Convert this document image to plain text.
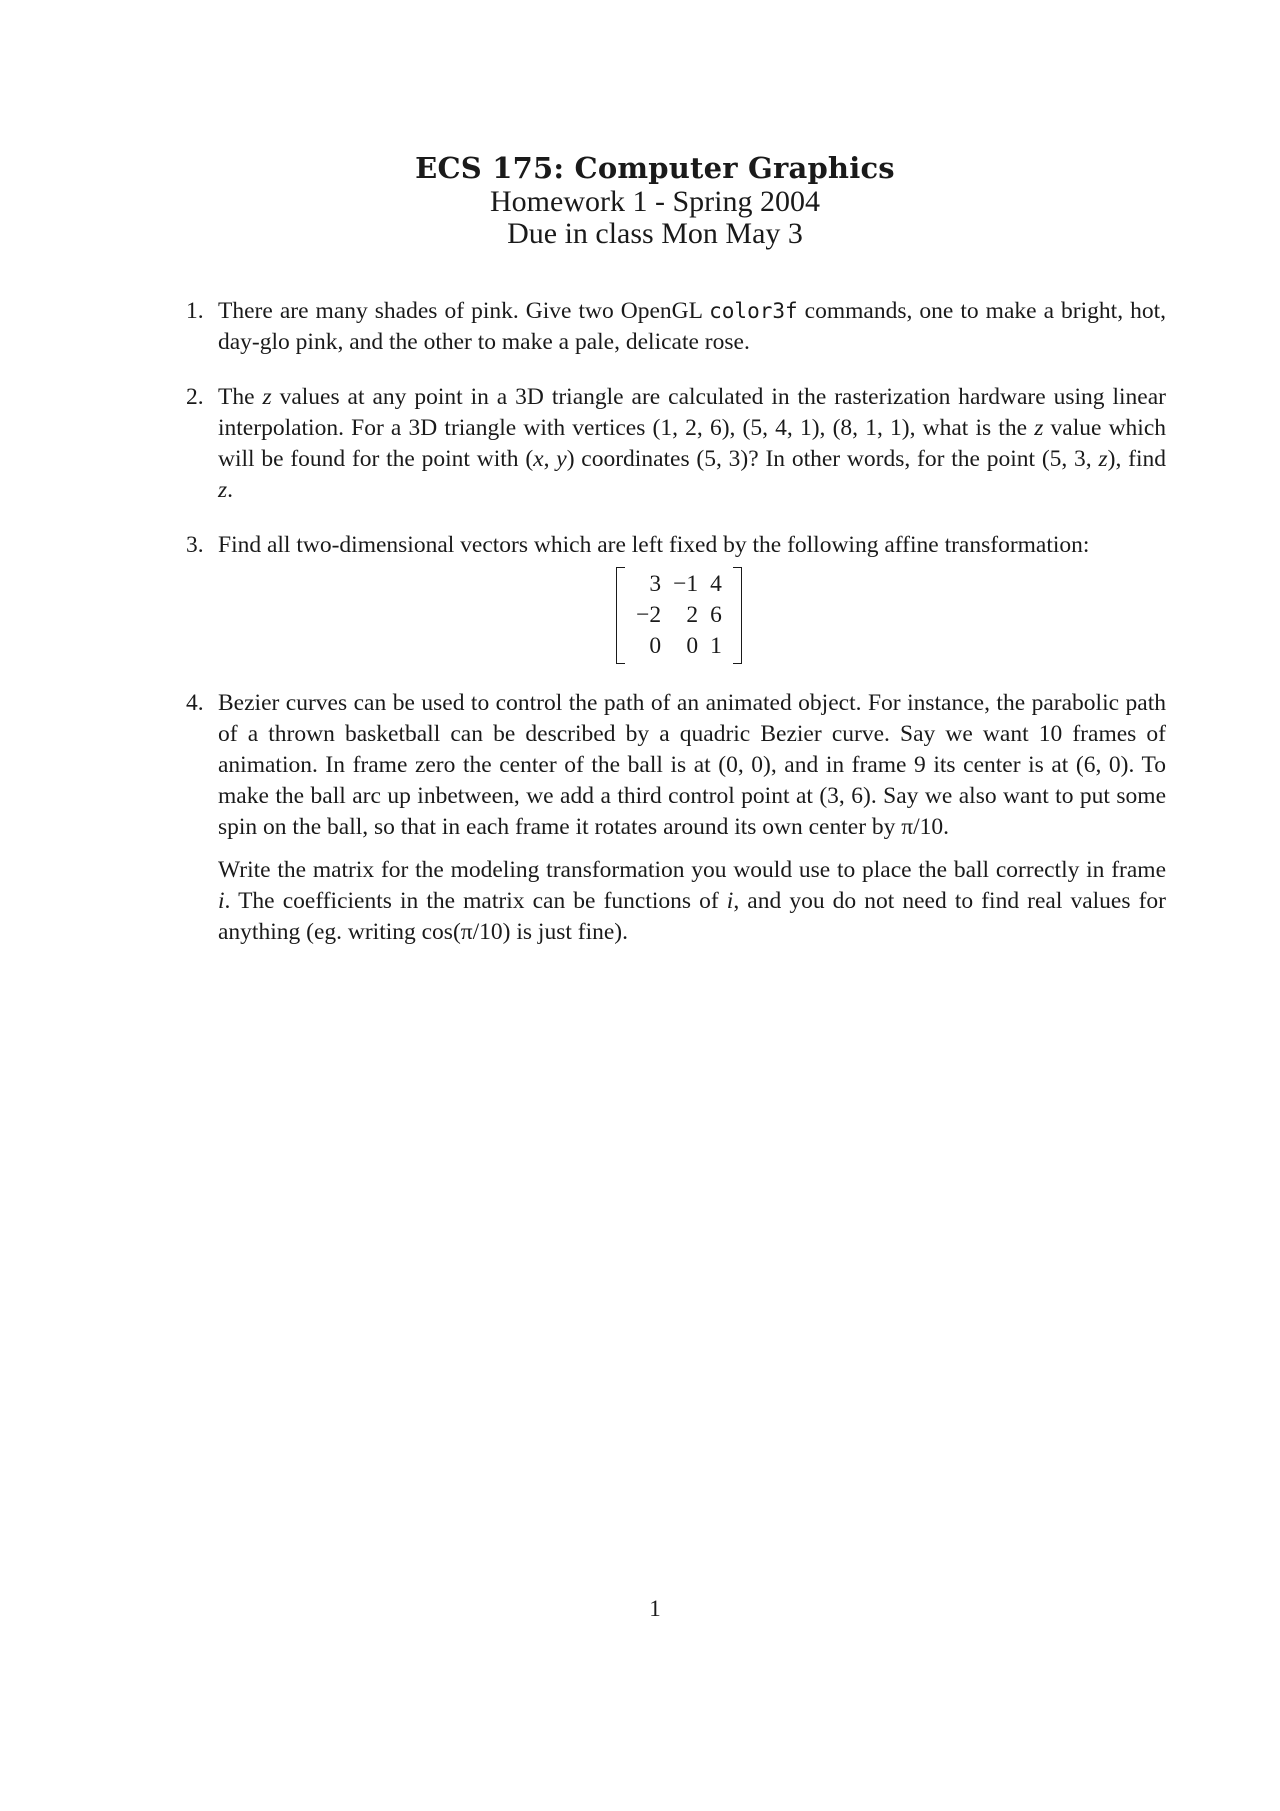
ECS 175: Computer Graphics
Homework 1 - Spring 2004
Due in class Mon May 3
1. There are many shades of pink. Give two OpenGL color3f commands, one to make a bright, hot, day-glo pink, and the other to make a pale, delicate rose.

2. The z values at any point in a 3D triangle are calculated in the rasterization hardware using linear interpolation. For a 3D triangle with vertices (1, 2, 6), (5, 4, 1), (8, 1, 1), what is the z value which will be found for the point with (x, y) coordinates (5, 3)? In other words, for the point (5, 3, z), find z.

3. Find all two-dimensional vectors which are left fixed by the following affine transformation:

3	−1	4
−2	2	6
0	0	1
4. Bezier curves can be used to control the path of an animated object. For instance, the parabolic path of a thrown basketball can be described by a quadric Bezier curve. Say we want 10 frames of animation. In frame zero the center of the ball is at (0, 0), and in frame 9 its center is at (6, 0). To make the ball arc up inbetween, we add a third control point at (3, 6). Say we also want to put some spin on the ball, so that in each frame it rotates around its own center by π/10.

Write the matrix for the modeling transformation you would use to place the ball correctly in frame i. The coefficients in the matrix can be functions of i, and you do not need to find real values for anything (eg. writing cos(π/10) is just fine).

1
